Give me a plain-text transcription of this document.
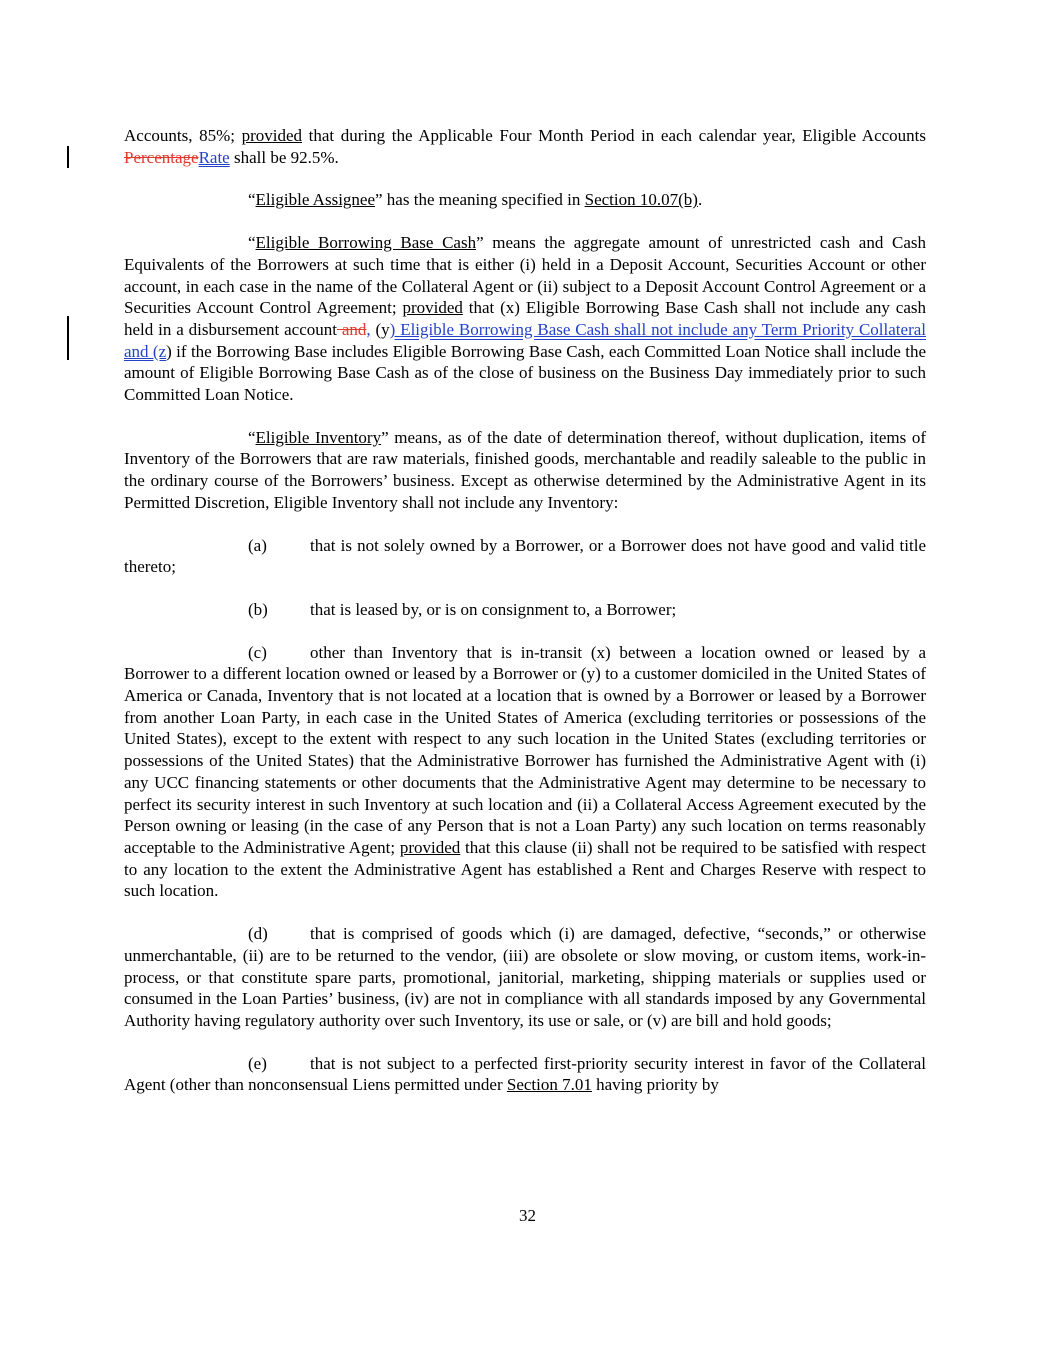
Accounts, 85%; provided that during the Applicable Four Month Period in each calendar year, Eligible Accounts PercentageRate shall be 92.5%.

“Eligible Assignee” has the meaning specified in Section 10.07(b).

“Eligible Borrowing Base Cash” means the aggregate amount of unrestricted cash and Cash Equivalents of the Borrowers at such time that is either (i) held in a Deposit Account, Securities Account or other account, in each case in the name of the Collateral Agent or (ii) subject to a Deposit Account Control Agreement or a Securities Account Control Agreement; provided that (x) Eligible Borrowing Base Cash shall not include any cash held in a disbursement account and, (y) Eligible Borrowing Base Cash shall not include any Term Priority Collateral and (z) if the Borrowing Base includes Eligible Borrowing Base Cash, each Committed Loan Notice shall include the amount of Eligible Borrowing Base Cash as of the close of business on the Business Day immediately prior to such Committed Loan Notice.

“Eligible Inventory” means, as of the date of determination thereof, without duplication, items of Inventory of the Borrowers that are raw materials, finished goods, merchantable and readily saleable to the public in the ordinary course of the Borrowers’ business. Except as otherwise determined by the Administrative Agent in its Permitted Discretion, Eligible Inventory shall not include any Inventory:

(a)	that is not solely owned by a Borrower, or a Borrower does not have good and valid title thereto;

(b) that is leased by, or is on consignment to, a Borrower;

(c)	other than Inventory that is in-transit (x) between a location owned or leased by a Borrower to a different location owned or leased by a Borrower or (y) to a customer domiciled in the United States of America or Canada, Inventory that is not located at a location that is owned by a Borrower or leased by a Borrower from another Loan Party, in each case in the United States of America (excluding territories or possessions of the United States), except to the extent with respect to any such location in the United States (excluding territories or possessions of the United States) that the Administrative Borrower has furnished the Administrative Agent with (i) any UCC financing statements or other documents that the Administrative Agent may determine to be necessary to perfect its security interest in such Inventory at such location and (ii) a Collateral Access Agreement executed by the Person owning or leasing (in the case of any Person that is not a Loan Party) any such location on terms reasonably acceptable to the Administrative Agent; provided that this clause (ii) shall not be required to be satisfied with respect to any location to the extent the Administrative Agent has established a Rent and Charges Reserve with respect to such location.

(d) that is comprised of goods which (i) are damaged, defective, “seconds,” or otherwise unmerchantable, (ii) are to be returned to the vendor, (iii) are obsolete or slow moving, or custom items, work-in-process, or that constitute spare parts, promotional, janitorial, marketing, shipping materials or supplies used or consumed in the Loan Parties’ business, (iv) are not in compliance with all standards imposed by any Governmental Authority having regulatory authority over such Inventory, its use or sale, or (v) are bill and hold goods;

(e)	that is not subject to a perfected first-priority security interest in favor of the Collateral Agent (other than nonconsensual Liens permitted under Section 7.01 having priority by

32
